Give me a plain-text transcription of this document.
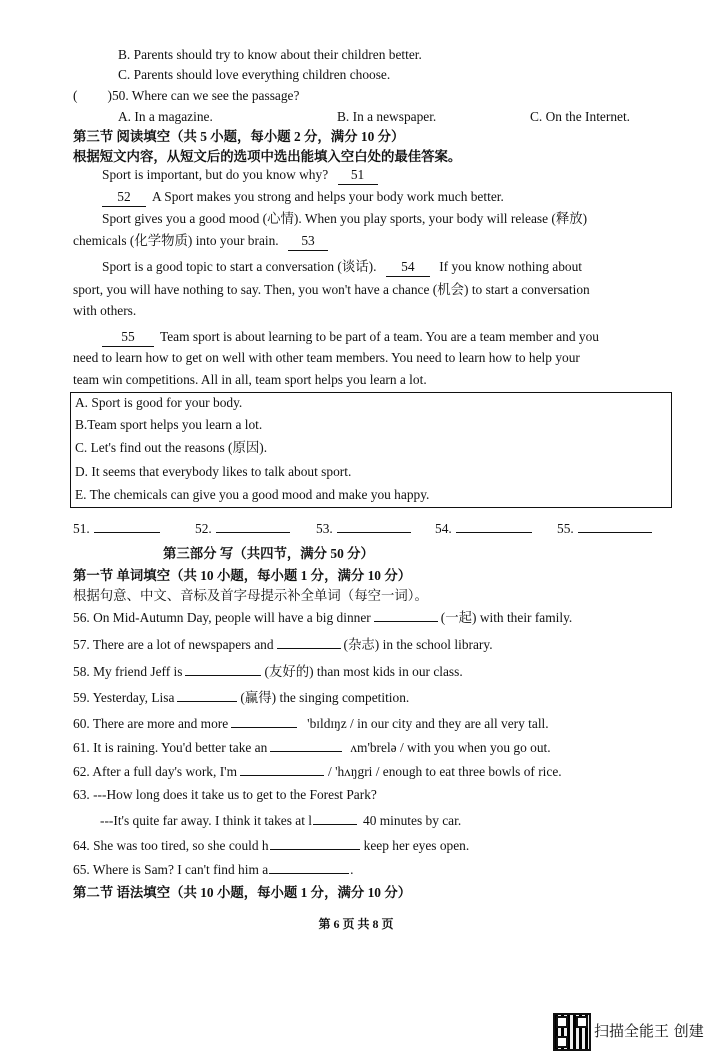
B. Parents should try to know about their children better.
C. Parents should love everything children choose.
( )50. Where can we see the passage?
A. In a magazine.	B. In a newspaper.	C. On the Internet.
第三节 阅读填空（共 5 小题，每小题 2 分，满分 10 分）
根据短文内容，从短文后的选项中选出能填入空白处的最佳答案。
Sport is important, but do you know why? 51
52 A Sport makes you strong and helps your body work much better.
Sport gives you a good mood (心情). When you play sports, your body will release (释放)
chemicals (化学物质) into your brain. 53
Sport is a good topic to start a conversation (谈话). 54 If you know nothing about
sport, you will have nothing to say. Then, you won't have a chance (机会) to start a conversation
with others.
55 Team sport is about learning to be part of a team. You are a team member and you
need to learn how to get on well with other team members. You need to learn how to help your
team win competitions. All in all, team sport helps you learn a lot.
A. Sport is good for your body.
B.Team sport helps you learn a lot.
C. Let's find out the reasons (原因).
D. It seems that everybody likes to talk about sport.
E. The chemicals can give you a good mood and make you happy.
51.	52.	53.	54.	55.
第三部分 写（共四节，满分 50 分）
第一节 单词填空（共 10 小题，每小题 1 分，满分 10 分）
根据句意、中文、音标及首字母提示补全单词（每空一词）。
56. On Mid-Autumn Day, people will have a big dinner	(一起) with their family.
57. There are a lot of newspapers and	(杂志) in the school library.
58. My friend Jeff is	(友好的) than most kids in our class.
59. Yesterday, Lisa	(赢得) the singing competition.
60. There are more and more	'bɪldɪŋz / in our city and they are all very tall.
61. It is raining. You'd better take an	ʌm'brelə / with you when you go out.
62. After a full day's work, I'm	/ 'hʌŋgri / enough to eat three bowls of rice.
63. ---How long does it take us to get to the Forest Park?
---It's quite far away. I think it takes at l	40 minutes by car.
64. She was too tired, so she could h	keep her eyes open.
65. Where is Sam? I can't find him a	.
第二节 语法填空（共 10 小题，每小题 1 分，满分 10 分）
第 6 页 共 8 页
扫描全能王 创建
